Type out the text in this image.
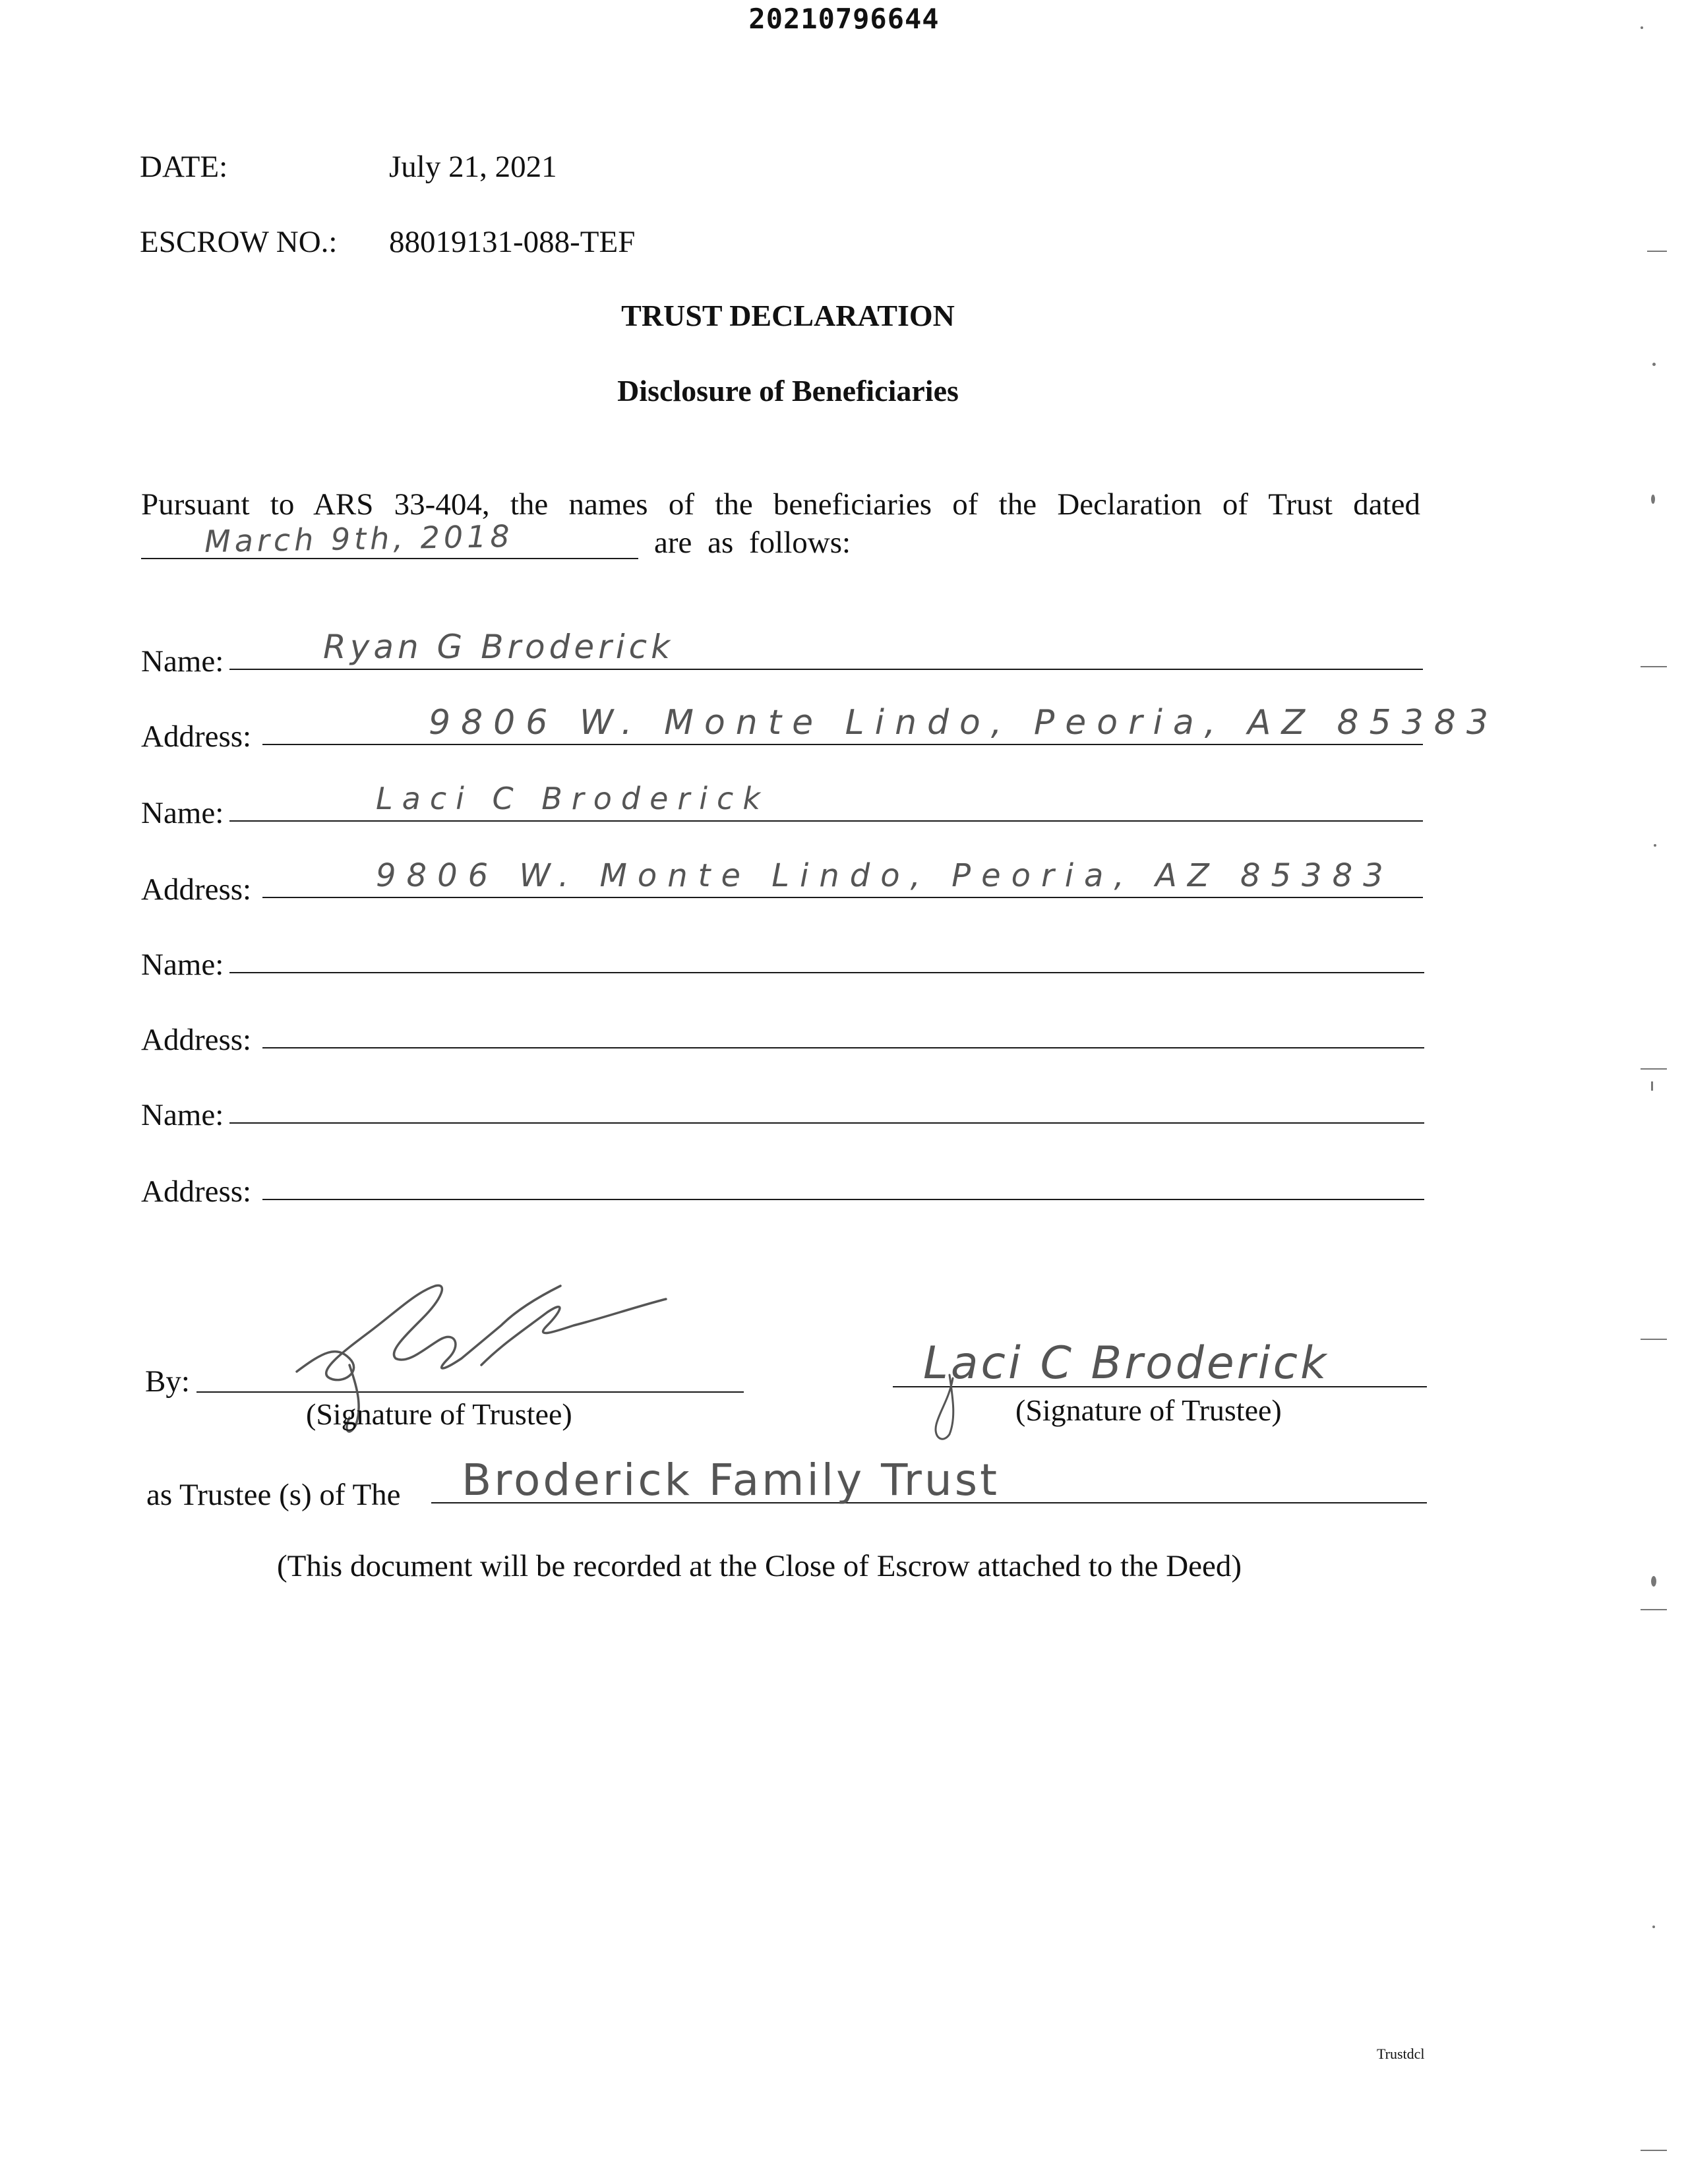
20210796644
DATE:	July 21, 2021
ESCROW NO.: 88019131-088-TEF
TRUST DECLARATION
Disclosure of Beneficiaries
Pursuant to ARS 33-404, the names of the beneficiaries of the Declaration of Trust dated
March 9th, 2018	are as follows:
Name:	Ryan G Broderick
Address:	9806 W. Monte Lindo, Peoria, AZ 85383
Name:	Laci C Broderick
Address:	9806 W. Monte Lindo, Peoria, AZ 85383
Name:
Address:
Name:
Address:
By:
(Signature of Trustee)
Laci C Broderick
(Signature of Trustee)
as Trustee (s) of The Broderick Family Trust
(This document will be recorded at the Close of Escrow attached to the Deed)
Trustdcl
